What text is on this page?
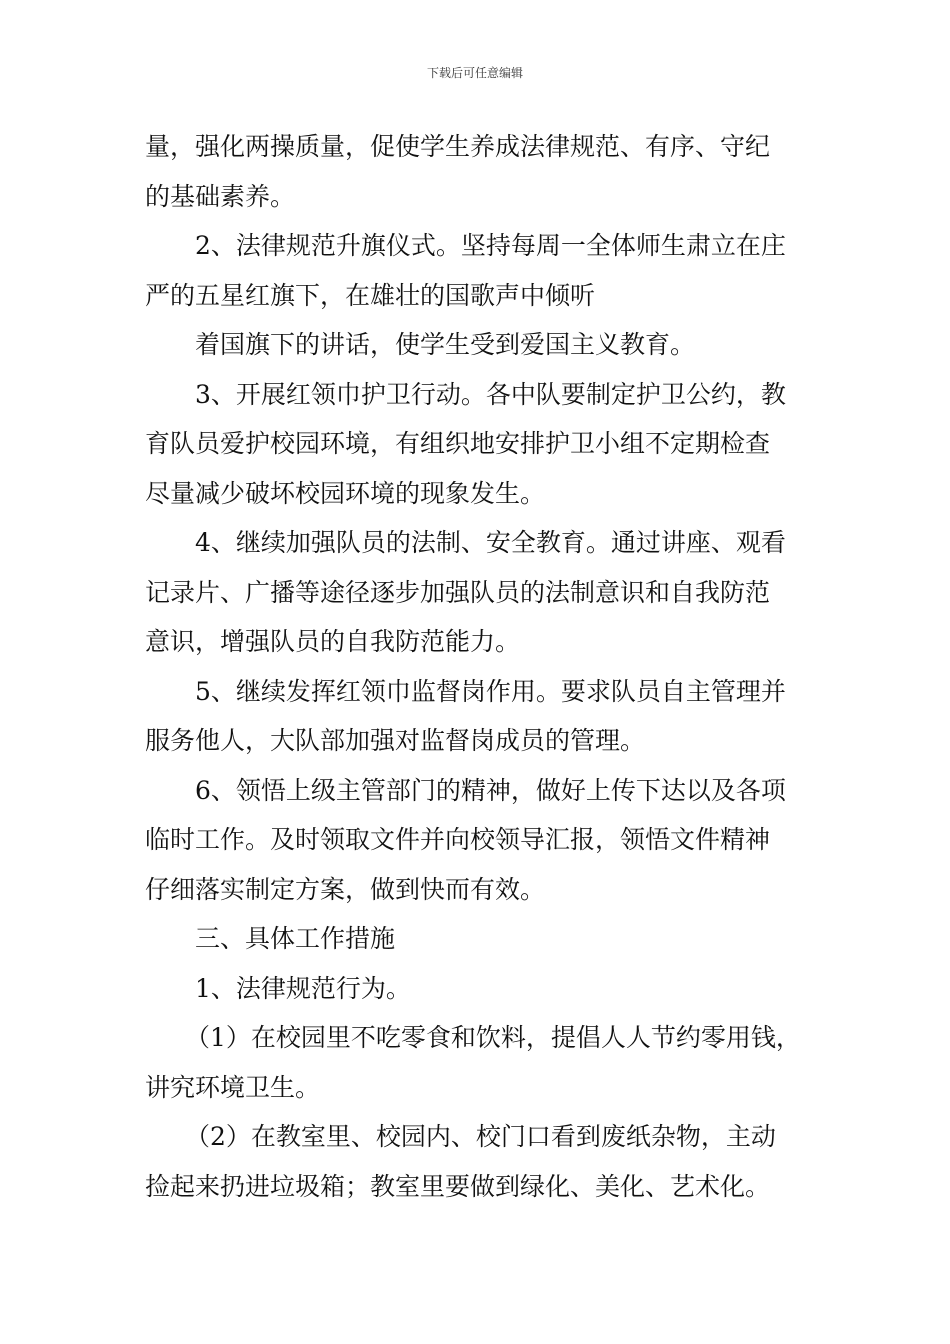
下载后可任意编辑
量，强化两操质量，促使学生养成法律规范、有序、守纪
的基础素养。
2、法律规范升旗仪式。坚持每周一全体师生肃立在庄
严的五星红旗下，在雄壮的国歌声中倾听
着国旗下的讲话，使学生受到爱国主义教育。
3、开展红领巾护卫行动。各中队要制定护卫公约，教
育队员爱护校园环境，有组织地安排护卫小组不定期检查
尽量减少破坏校园环境的现象发生。
4、继续加强队员的法制、安全教育。通过讲座、观看
记录片、广播等途径逐步加强队员的法制意识和自我防范
意识，增强队员的自我防范能力。
5、继续发挥红领巾监督岗作用。要求队员自主管理并
服务他人，大队部加强对监督岗成员的管理。
6、领悟上级主管部门的精神，做好上传下达以及各项
临时工作。及时领取文件并向校领导汇报，领悟文件精神
仔细落实制定方案，做到快而有效。
三、具体工作措施
1、法律规范行为。
（1）在校园里不吃零食和饮料，提倡人人节约零用钱，
讲究环境卫生。
（2）在教室里、校园内、校门口看到废纸杂物，主动
捡起来扔进垃圾箱；教室里要做到绿化、美化、艺术化。
